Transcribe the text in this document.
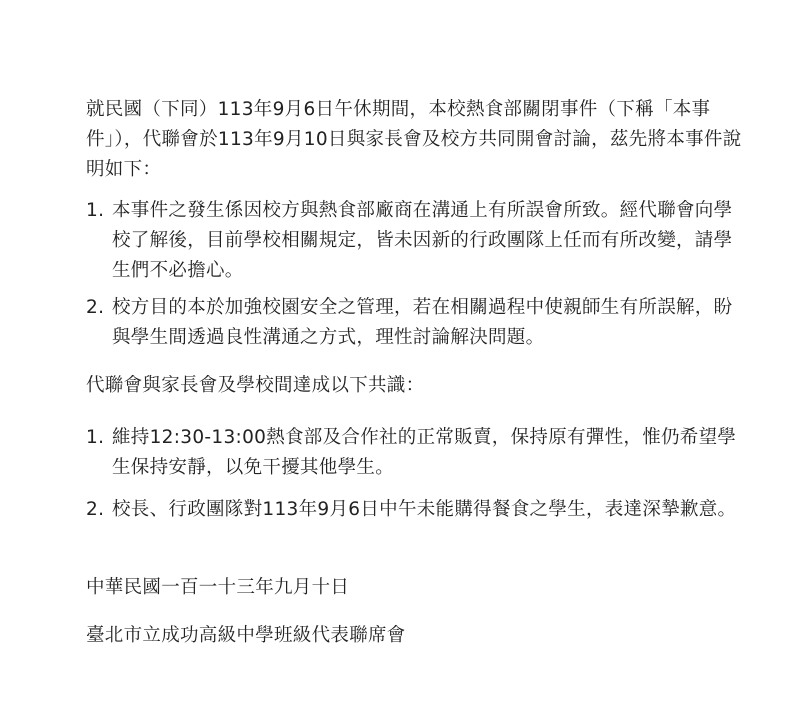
就民國（下同）113年9月6日午休期間，本校熱食部關閉事件（下稱「本事件」），代聯會於113年9月10日與家長會及校方共同開會討論，茲先將本事件說明如下：

1. 本事件之發生係因校方與熱食部廠商在溝通上有所誤會所致。經代聯會向學校了解後，目前學校相關規定，皆未因新的行政團隊上任而有所改變，請學生們不必擔心。
2. 校方目的本於加強校園安全之管理，若在相關過程中使親師生有所誤解，盼與學生間透過良性溝通之方式，理性討論解決問題。

代聯會與家長會及學校間達成以下共識：

1. 維持12:30-13:00熱食部及合作社的正常販賣，保持原有彈性，惟仍希望學生保持安靜，以免干擾其他學生。
2. 校長、行政團隊對113年9月6日中午未能購得餐食之學生，表達深摯歉意。

中華民國一百一十三年九月十日

臺北市立成功高級中學班級代表聯席會
